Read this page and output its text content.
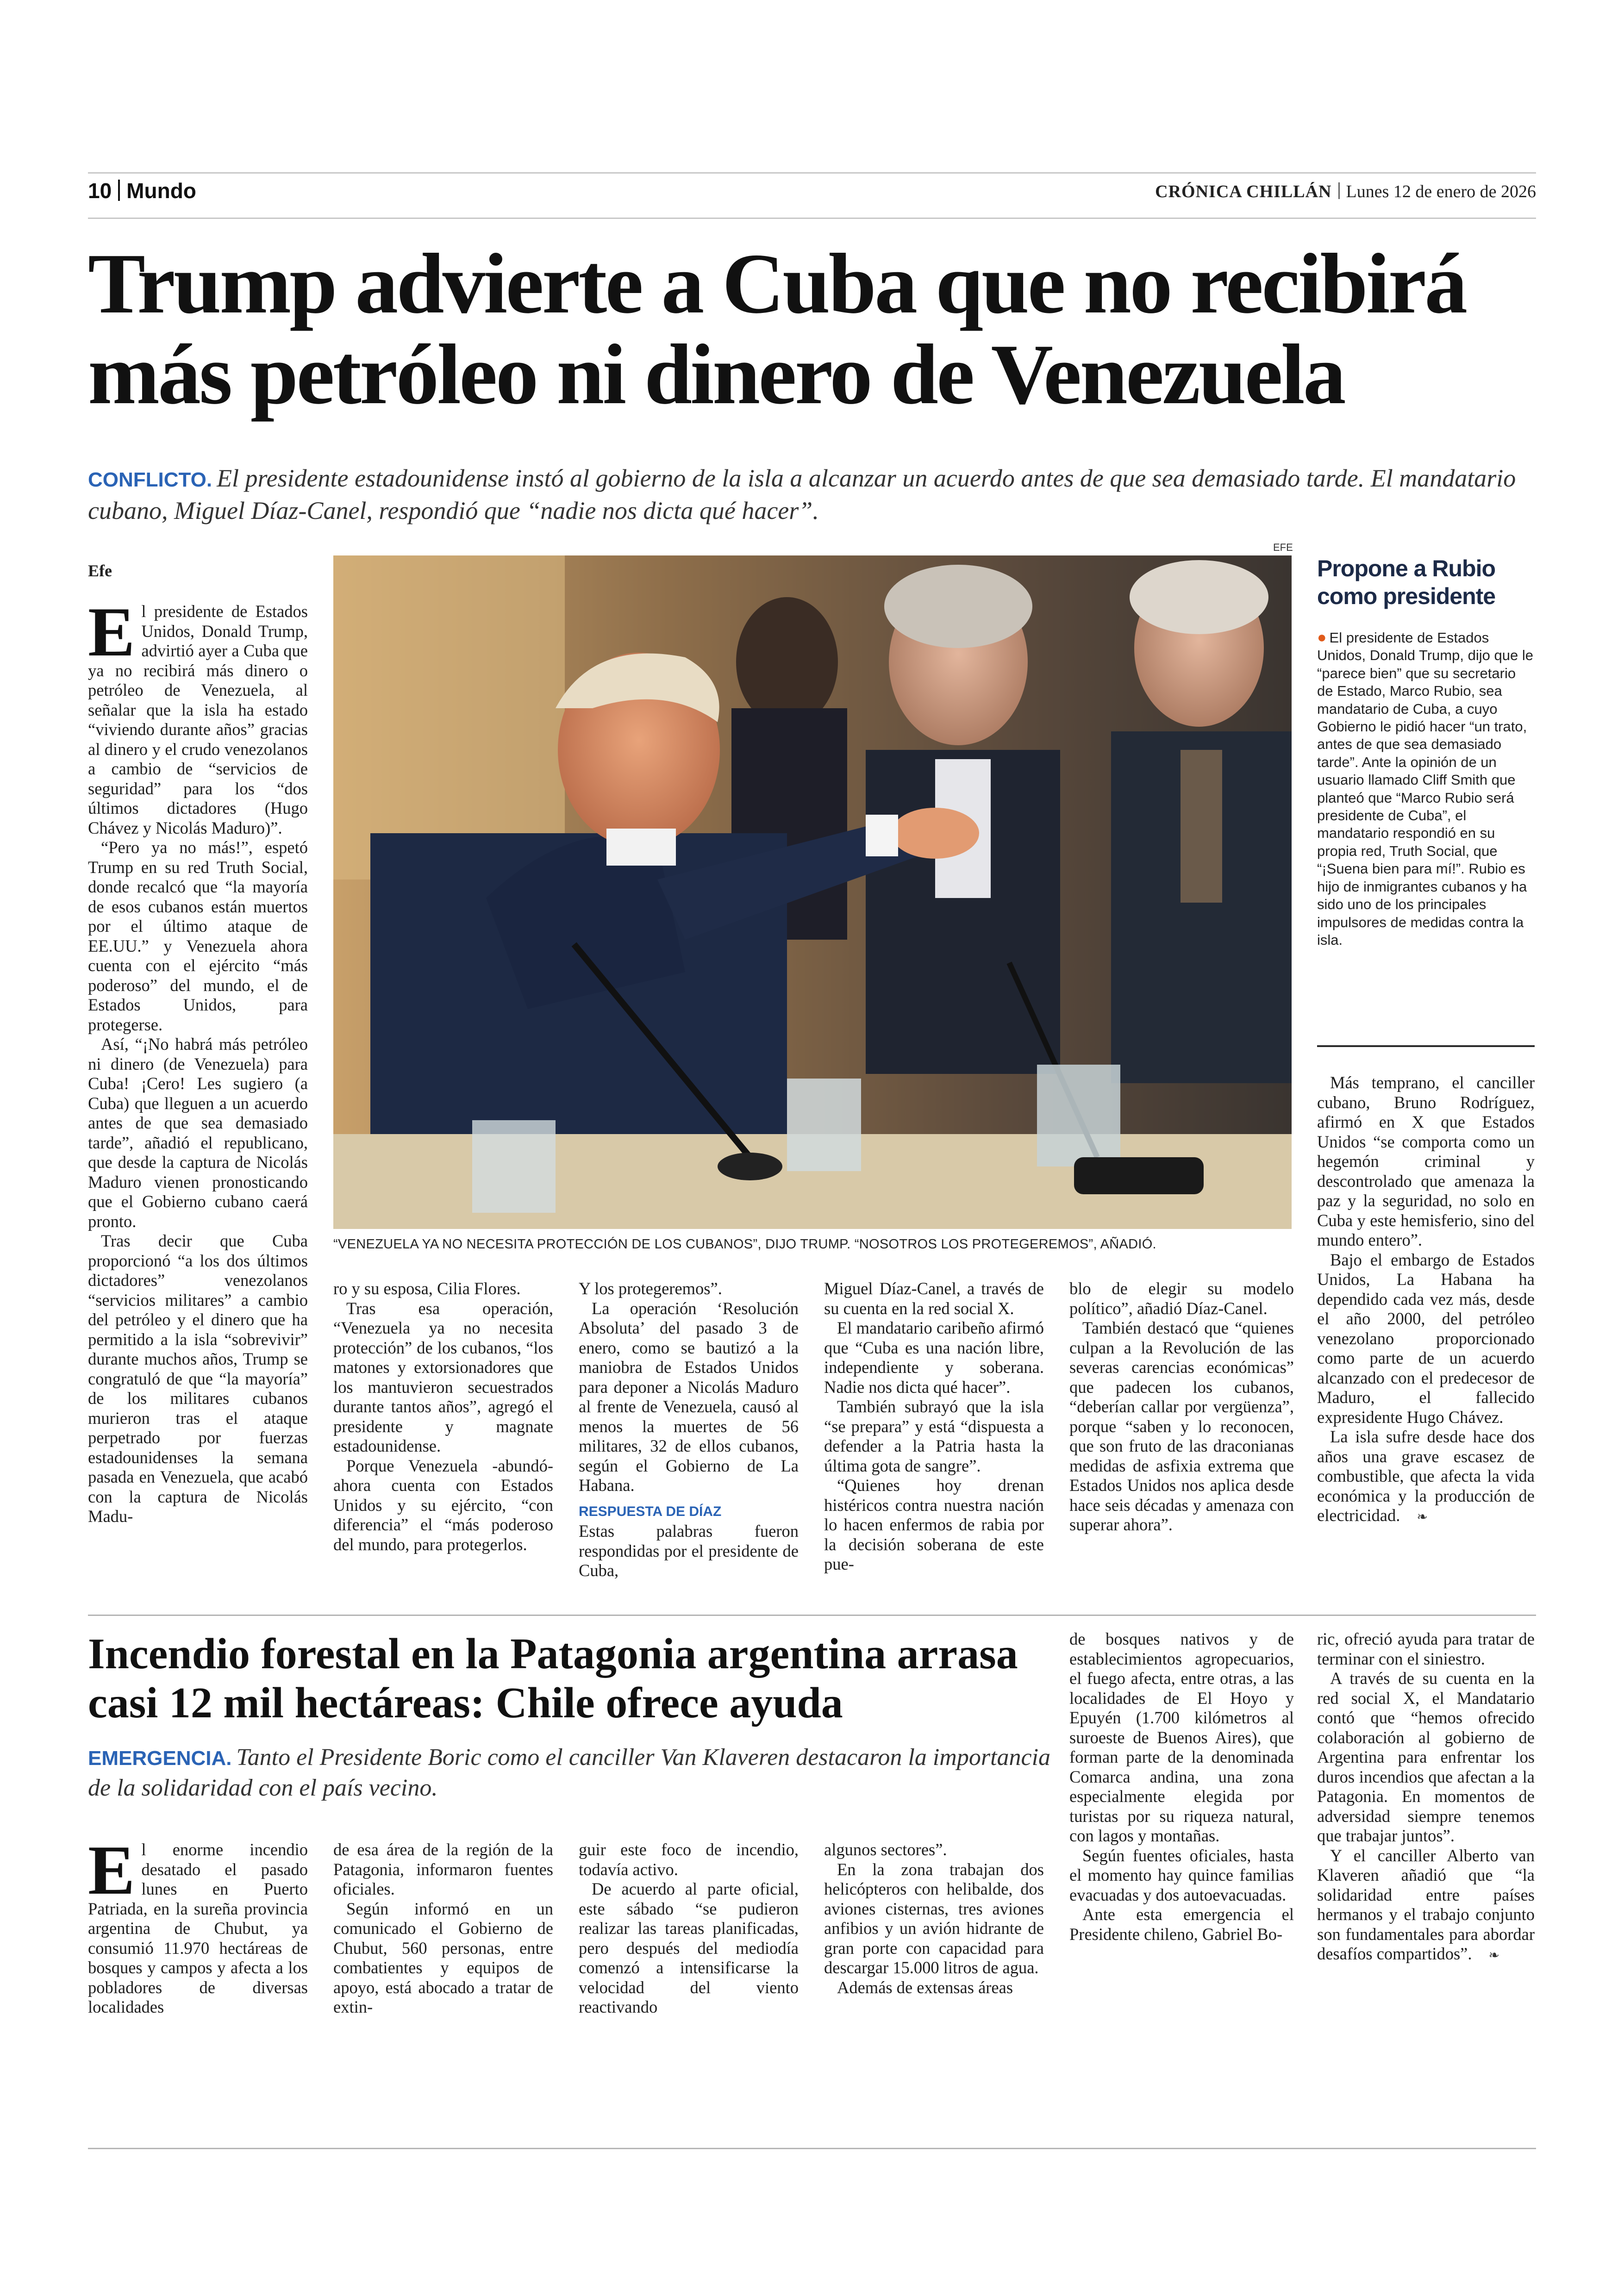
10 Mundo	CRÓNICA CHILLÁN Lunes 12 de enero de 2026
Trump advierte a Cuba que no recibirá más petróleo ni dinero de Venezuela
CONFLICTO. El presidente estadounidense instó al gobierno de la isla a alcanzar un acuerdo antes de que sea demasiado tarde. El mandatario cubano, Miguel Díaz-Canel, respondió que “nadie nos dicta qué hacer”.
Efe
EFE
“VENEZUELA YA NO NECESITA PROTECCIÓN DE LOS CUBANOS”, DIJO TRUMP. “NOSOTROS LOS PROTEGEREMOS”, AÑADIÓ.

El presidente de Estados Unidos, Donald Trump, advirtió ayer a Cuba que ya no recibirá más dinero o petróleo de Venezuela, al señalar que la isla ha estado “viviendo durante años” gracias al dinero y el crudo venezolanos a cambio de “servicios de seguridad” para los “dos últimos dictadores (Hugo Chávez y Nicolás Maduro)”.

“Pero ya no más!”, espetó Trump en su red Truth Social, donde recalcó que “la mayoría de esos cubanos están muertos por el último ataque de EE.UU.” y Venezuela ahora cuenta con el ejército “más poderoso” del mundo, el de Estados Unidos, para protegerse.

Así, “¡No habrá más petróleo ni dinero (de Venezuela) para Cuba! ¡Cero! Les sugiero (a Cuba) que lleguen a un acuerdo antes de que sea demasiado tarde”, añadió el republicano, que desde la captura de Nicolás Maduro vienen pronosticando que el Gobierno cubano caerá pronto.

Tras decir que Cuba proporcionó “a los dos últimos dictadores” venezolanos “servicios militares” a cambio del petróleo y el dinero que ha permitido a la isla “sobrevivir” durante muchos años, Trump se congratuló de que “la mayoría” de los militares cubanos murieron tras el ataque perpetrado por fuerzas estadounidenses la semana pasada en Venezuela, que acabó con la captura de Nicolás Madu-

ro y su esposa, Cilia Flores.

Tras esa operación, “Venezuela ya no necesita protección” de los cubanos, “los matones y extorsionadores que los mantuvieron secuestrados durante tantos años”, agregó el presidente y magnate estadounidense.

Porque Venezuela -abundó- ahora cuenta con Estados Unidos y su ejército, “con diferencia” el “más poderoso del mundo, para protegerlos.

Y los protegeremos”.

La operación ‘Resolución Absoluta’ del pasado 3 de enero, como se bautizó a la maniobra de Estados Unidos para deponer a Nicolás Maduro al frente de Venezuela, causó al menos la muertes de 56 militares, 32 de ellos cubanos, según el Gobierno de La Habana.

RESPUESTA DE DÍAZ

Estas palabras fueron respondidas por el presidente de Cuba,

Miguel Díaz-Canel, a través de su cuenta en la red social X.

El mandatario caribeño afirmó que “Cuba es una nación libre, independiente y soberana. Nadie nos dicta qué hacer”.

También subrayó que la isla “se prepara” y está “dispuesta a defender a la Patria hasta la última gota de sangre”.

“Quienes hoy drenan histéricos contra nuestra nación lo hacen enfermos de rabia por la decisión soberana de este pue-

blo de elegir su modelo político”, añadió Díaz-Canel.

También destacó que “quienes culpan a la Revolución de las severas carencias económicas” que padecen los cubanos, “deberían callar por vergüenza”, porque “saben y lo reconocen, que son fruto de las draconianas medidas de asfixia extrema que Estados Unidos nos aplica desde hace seis décadas y amenaza con superar ahora”.

Propone a Rubio como presidente
● El presidente de Estados Unidos, Donald Trump, dijo que le “parece bien” que su secretario de Estado, Marco Rubio, sea mandatario de Cuba, a cuyo Gobierno le pidió hacer “un trato, antes de que sea demasiado tarde”. Ante la opinión de un usuario llamado Cliff Smith que planteó que “Marco Rubio será presidente de Cuba”, el mandatario respondió en su propia red, Truth Social, que “¡Suena bien para mí!”. Rubio es hijo de inmigrantes cubanos y ha sido uno de los principales impulsores de medidas contra la isla.

Más temprano, el canciller cubano, Bruno Rodríguez, afirmó en X que Estados Unidos “se comporta como un hegemón criminal y descontrolado que amenaza la paz y la seguridad, no solo en Cuba y este hemisferio, sino del mundo entero”.

Bajo el embargo de Estados Unidos, La Habana ha dependido cada vez más, desde el año 2000, del petróleo venezolano proporcionado como parte de un acuerdo alcanzado con el predecesor de Maduro, el fallecido expresidente Hugo Chávez.

La isla sufre desde hace dos años una grave escasez de combustible, que afecta la vida económica y la producción de electricidad. ❧

Incendio forestal en la Patagonia argentina arrasa casi 12 mil hectáreas: Chile ofrece ayuda
EMERGENCIA. Tanto el Presidente Boric como el canciller Van Klaveren destacaron la importancia de la solidaridad con el país vecino.

El enorme incendio desatado el pasado lunes en Puerto Patriada, en la sureña provincia argentina de Chubut, ya consumió 11.970 hectáreas de bosques y campos y afecta a los pobladores de diversas localidades

de esa área de la región de la Patagonia, informaron fuentes oficiales.

Según informó en un comunicado el Gobierno de Chubut, 560 personas, entre combatientes y equipos de apoyo, está abocado a tratar de extin-

guir este foco de incendio, todavía activo.

De acuerdo al parte oficial, este sábado “se pudieron realizar las tareas planificadas, pero después del mediodía comenzó a intensificarse la velocidad del viento reactivando

algunos sectores”.

En la zona trabajan dos helicópteros con helibalde, dos aviones cisternas, tres aviones anfibios y un avión hidrante de gran porte con capacidad para descargar 15.000 litros de agua.

Además de extensas áreas

de bosques nativos y de establecimientos agropecuarios, el fuego afecta, entre otras, a las localidades de El Hoyo y Epuyén (1.700 kilómetros al suroeste de Buenos Aires), que forman parte de la denominada Comarca andina, una zona especialmente elegida por turistas por su riqueza natural, con lagos y montañas.

Según fuentes oficiales, hasta el momento hay quince familias evacuadas y dos autoevacuadas.

Ante esta emergencia el Presidente chileno, Gabriel Bo-

ric, ofreció ayuda para tratar de terminar con el siniestro.

A través de su cuenta en la red social X, el Mandatario contó que “hemos ofrecido colaboración al gobierno de Argentina para enfrentar los duros incendios que afectan a la Patagonia. En momentos de adversidad siempre tenemos que trabajar juntos”.

Y el canciller Alberto van Klaveren añadió que “la solidaridad entre países hermanos y el trabajo conjunto son fundamentales para abordar desafíos compartidos”. ❧
